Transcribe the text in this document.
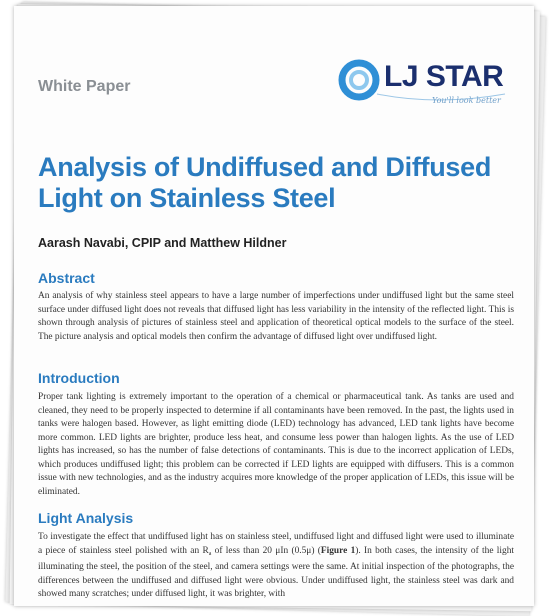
White Paper	LJ STAR
You'll look better
Analysis of Undiffused and Diffused Light on Stainless Steel
Aarash Navabi, CPIP and Matthew Hildner
Abstract
An analysis of why stainless steel appears to have a large number of imperfections under undiffused light but the same steel surface under diffused light does not reveals that diffused light has less variability in the intensity of the reflected light. This is shown through analysis of pictures of stainless steel and application of theoretical optical models to the surface of the steel. The picture analysis and optical models then confirm the advantage of diffused light over undiffused light.
Introduction
Proper tank lighting is extremely important to the operation of a chemical or pharmaceutical tank. As tanks are used and cleaned, they need to be properly inspected to determine if all contaminants have been removed. In the past, the lights used in tanks were halogen based. However, as light emitting diode (LED) technology has advanced, LED tank lights have become more common. LED lights are brighter, produce less heat, and consume less power than halogen lights. As the use of LED lights has increased, so has the number of false detections of contaminants. This is due to the incorrect application of LEDs, which produces undiffused light; this problem can be corrected if LED lights are equipped with diffusers. This is a common issue with new technologies, and as the industry acquires more knowledge of the proper application of LEDs, this issue will be eliminated.
Light Analysis
To investigate the effect that undiffused light has on stainless steel, undiffused light and diffused light were used to illuminate a piece of stainless steel polished with an $R_a$ of less than 20 μIn (0.5μ) (Figure 1). In both cases, the intensity of the light illuminating the steel, the position of the steel, and camera settings were the same. At initial inspection of the photographs, the differences between the undiffused and diffused light were obvious. Under undiffused light, the stainless steel was dark and showed many scratches; under diffused light, it was brighter, with
